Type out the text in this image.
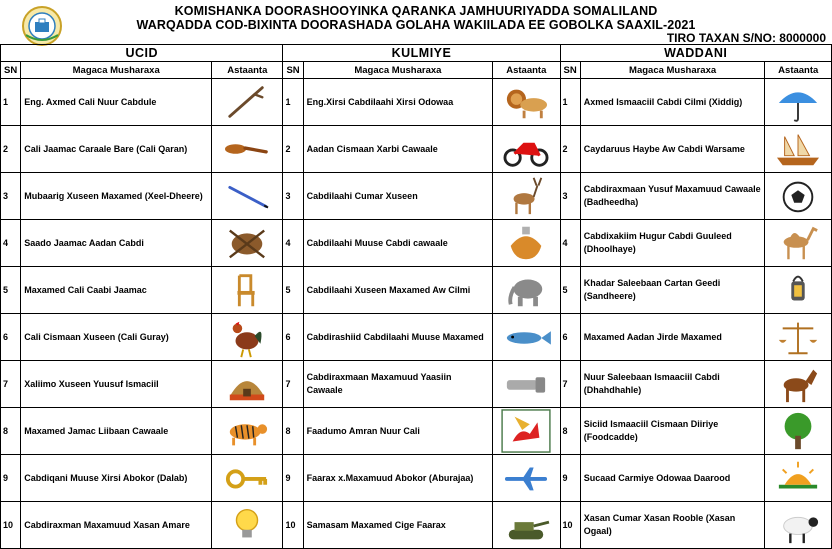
KOMISHANKA DOORASHOOYINKA QARANKA JAMHUURIYADDA SOMALILAND
WARQADDA COD-BIXINTA DOORASHADA GOLAHA WAKIILADA EE GOBOLKA SAAXIL-2021
TIRO TAXAN S/NO: 8000000
UCID			KULMIYE			WADDANI		
SN	Magaca Musharaxa	Astaanta	SN	Magaca Musharaxa	Astaanta	SN	Magaca Musharaxa	Astaanta
1	Eng. Axmed Cali Nuur Cabdule		1	Eng.Xirsi Cabdilaahi Xirsi Odowaa		1	Axmed Ismaaciil Cabdi Cilmi (Xiddig)	

2	Cali Jaamac Caraale Bare (Cali Qaran)		2	Aadan Cismaan Xarbi Cawaale		2	Caydaruus Haybe Aw Cabdi Warsame	

3	Mubaarig Xuseen Maxamed (Xeel-Dheere)		3	Cabdilaahi Cumar Xuseen		3	Cabdiraxmaan Yusuf Maxamuud Cawaale (Badheedha)	

4	Saado Jaamac Aadan Cabdi		4	Cabdilaahi Muuse Cabdi cawaale		4	Cabdixakiim Hugur Cabdi Guuleed (Dhoolhaye)	

5	Maxamed Cali Caabi Jaamac		5	Cabdilaahi Xuseen Maxamed Aw Cilmi		5	Khadar Saleebaan Cartan Geedi (Sandheere)	

6	Cali Cismaan Xuseen (Cali Guray)		6	Cabdirashiid Cabdilaahi Muuse Maxamed		6	Maxamed Aadan Jirde Maxamed	

7	Xaliimo Xuseen Yuusuf Ismaciil		7	Cabdiraxmaan Maxamuud Yaasiin Cawaale		7	Nuur Saleebaan Ismaaciil Cabdi (Dhahdhahle)	

8	Maxamed Jamac Liibaan Cawaale		8	Faadumo Amran Nuur Cali		8	Siciid Ismaaciil Cismaan Diiriye (Foodcadde)	

9	Cabdiqani Muuse Xirsi Abokor (Dalab)		9	Faarax x.Maxamuud Abokor (Aburajaa)		9	Sucaad Carmiye Odowaa Daarood	

10	Cabdiraxman Maxamuud Xasan Amare		10	Samasam Maxamed Cige Faarax		10	Xasan Cumar Xasan Rooble (Xasan Ogaal)	
